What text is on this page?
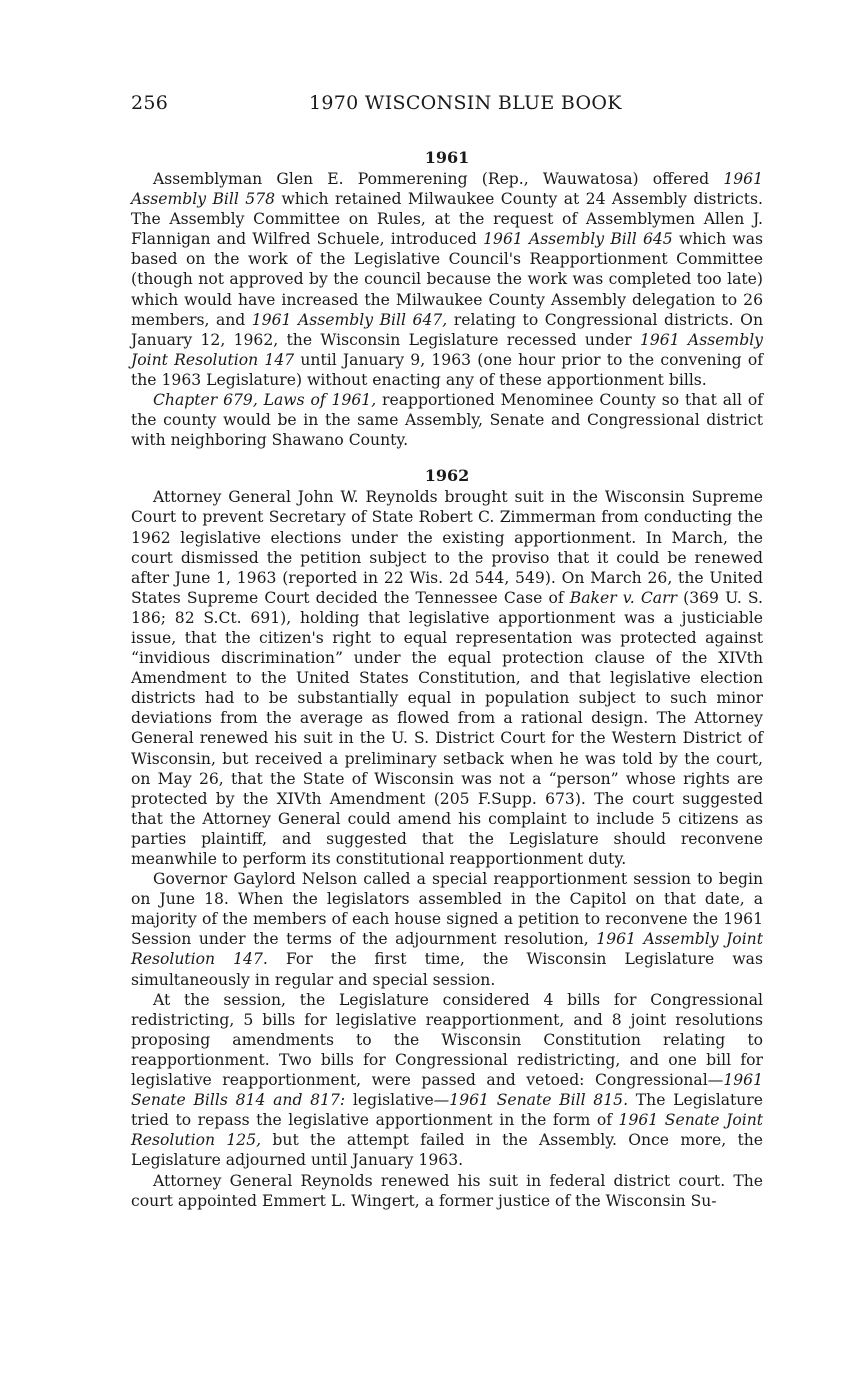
256	1970 WISCONSIN BLUE BOOK
1961

Assemblyman Glen E. Pommerening (Rep., Wauwatosa) offered 1961 Assembly Bill 578 which retained Milwaukee County at 24 Assembly districts. The Assembly Committee on Rules, at the request of Assemblymen Allen J. Flannigan and Wilfred Schuele, introduced 1961 Assembly Bill 645 which was based on the work of the Legislative Council's Reapportionment Committee (though not approved by the council because the work was completed too late) which would have increased the Milwaukee County Assembly delegation to 26 members, and 1961 Assembly Bill 647, relating to Congressional districts. On January 12, 1962, the Wisconsin Legislature recessed under 1961 Assembly Joint Resolution 147 until January 9, 1963 (one hour prior to the convening of the 1963 Legislature) without enacting any of these apportionment bills.

Chapter 679, Laws of 1961, reapportioned Menominee County so that all of the county would be in the same Assembly, Senate and Congressional district with neighboring Shawano County.

1962

Attorney General John W. Reynolds brought suit in the Wisconsin Supreme Court to prevent Secretary of State Robert C. Zimmerman from conducting the 1962 legislative elections under the existing apportionment. In March, the court dismissed the petition subject to the proviso that it could be renewed after June 1, 1963 (reported in 22 Wis. 2d 544, 549). On March 26, the United States Supreme Court decided the Tennessee Case of Baker v. Carr (369 U. S. 186; 82 S.Ct. 691), holding that legislative apportionment was a justiciable issue, that the citizen's right to equal representation was protected against “invidious discrimination” under the equal protection clause of the XIVth Amendment to the United States Constitution, and that legislative election districts had to be substantially equal in population subject to such minor deviations from the average as flowed from a rational design. The Attorney General renewed his suit in the U. S. District Court for the Western District of Wisconsin, but received a preliminary setback when he was told by the court, on May 26, that the State of Wisconsin was not a “person” whose rights are protected by the XIVth Amendment (205 F.Supp. 673). The court suggested that the Attorney General could amend his complaint to include 5 citizens as parties plaintiff, and suggested that the Legislature should reconvene meanwhile to perform its constitutional reapportionment duty.

Governor Gaylord Nelson called a special reapportionment session to begin on June 18. When the legislators assembled in the Capitol on that date, a majority of the members of each house signed a petition to reconvene the 1961 Session under the terms of the adjournment resolution, 1961 Assembly Joint Resolution 147. For the first time, the Wisconsin Legislature was simultaneously in regular and special session.

At the session, the Legislature considered 4 bills for Congressional redistricting, 5 bills for legislative reapportionment, and 8 joint resolutions proposing amendments to the Wisconsin Constitution relating to reapportionment. Two bills for Congressional redistricting, and one bill for legislative reapportionment, were passed and vetoed: Congressional—1961 Senate Bills 814 and 817: legislative—1961 Senate Bill 815. The Legislature tried to repass the legislative apportionment in the form of 1961 Senate Joint Resolution 125, but the attempt failed in the Assembly. Once more, the Legislature adjourned until January 1963.

Attorney General Reynolds renewed his suit in federal district court. The court appointed Emmert L. Wingert, a former justice of the Wisconsin Su-
